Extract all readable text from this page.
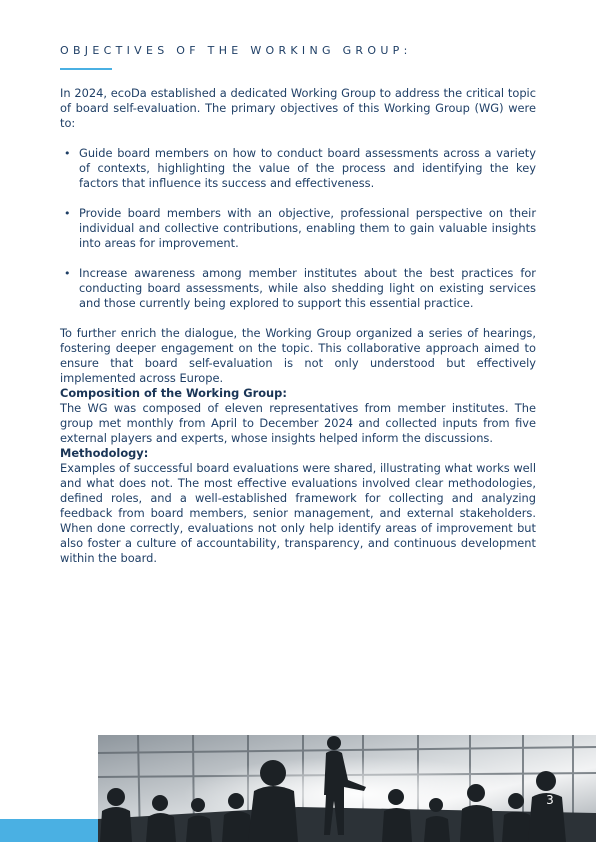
OBJECTIVES OF THE WORKING GROUP:

In 2024, ecoDa established a dedicated Working Group to address the critical topic of board self-evaluation. The primary objectives of this Working Group (WG) were to:

• Guide board members on how to conduct board assessments across a variety of contexts, highlighting the value of the process and identifying the key factors that influence its success and effectiveness.
• Provide board members with an objective, professional perspective on their individual and collective contributions, enabling them to gain valuable insights into areas for improvement.
• Increase awareness among member institutes about the best practices for conducting board assessments, while also shedding light on existing services and those currently being explored to support this essential practice.

To further enrich the dialogue, the Working Group organized a series of hearings, fostering deeper engagement on the topic. This collaborative approach aimed to ensure that board self-evaluation is not only understood but effectively implemented across Europe.

Composition of the Working Group:

The WG was composed of eleven representatives from member institutes. The group met monthly from April to December 2024 and collected inputs from five external players and experts, whose insights helped inform the discussions.

Methodology:

Examples of successful board evaluations were shared, illustrating what works well and what does not. The most effective evaluations involved clear methodologies, defined roles, and a well-established framework for collecting and analyzing feedback from board members, senior management, and external stakeholders. When done correctly, evaluations not only help identify areas of improvement but also foster a culture of accountability, transparency, and continuous development within the board.

3
